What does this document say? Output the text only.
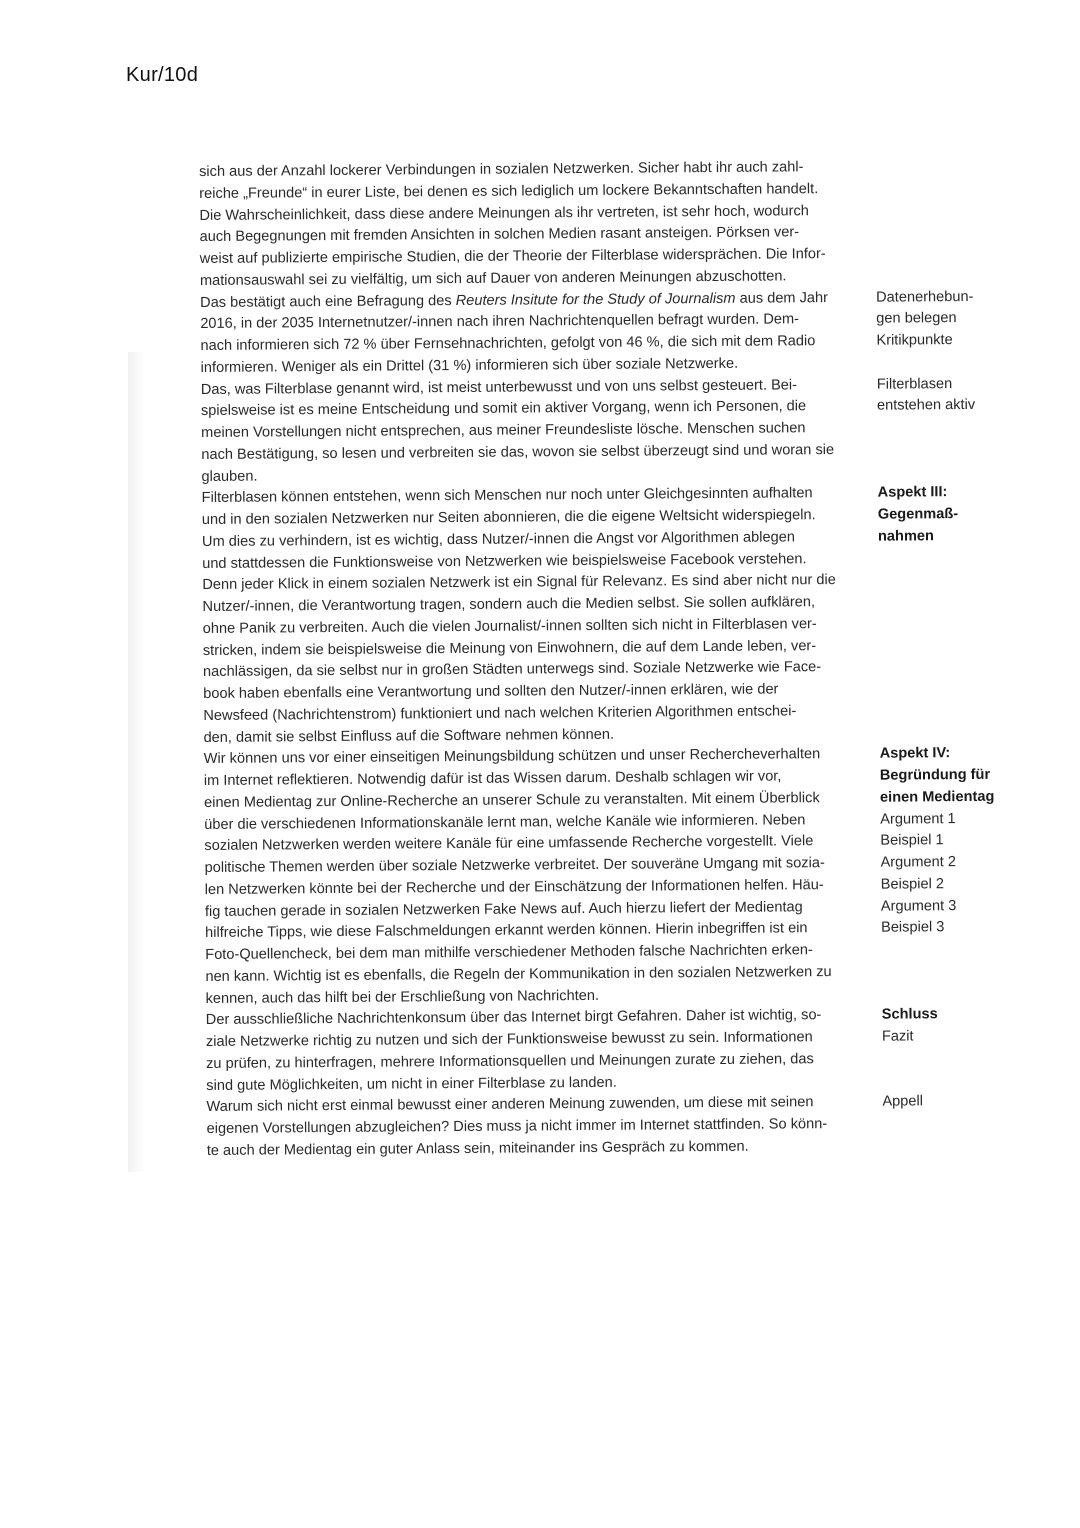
Kur/10d
sich aus der Anzahl lockerer Verbindungen in sozialen Netzwerken. Sicher habt ihr auch zahl-
reiche „Freunde“ in eurer Liste, bei denen es sich lediglich um lockere Bekanntschaften handelt.
Die Wahrscheinlichkeit, dass diese andere Meinungen als ihr vertreten, ist sehr hoch, wodurch
auch Begegnungen mit fremden Ansichten in solchen Medien rasant ansteigen. Pörksen ver-
weist auf publizierte empirische Studien, die der Theorie der Filterblase widersprächen. Die Infor-
mationsauswahl sei zu vielfältig, um sich auf Dauer von anderen Meinungen abzuschotten.
Das bestätigt auch eine Befragung des Reuters Insitute for the Study of Journalism aus dem Jahr	Datenerhebun-
2016, in der 2035 Internetnutzer/-innen nach ihren Nachrichtenquellen befragt wurden. Dem-	gen belegen
nach informieren sich 72 % über Fernsehnachrichten, gefolgt von 46 %, die sich mit dem Radio	Kritikpunkte
informieren. Weniger als ein Drittel (31 %) informieren sich über soziale Netzwerke.
Das, was Filterblase genannt wird, ist meist unterbewusst und von uns selbst gesteuert. Bei-	Filterblasen
spielsweise ist es meine Entscheidung und somit ein aktiver Vorgang, wenn ich Personen, die	entstehen aktiv
meinen Vorstellungen nicht entsprechen, aus meiner Freundesliste lösche. Menschen suchen
nach Bestätigung, so lesen und verbreiten sie das, wovon sie selbst überzeugt sind und woran sie
glauben.
Filterblasen können entstehen, wenn sich Menschen nur noch unter Gleichgesinnten aufhalten	Aspekt III:
und in den sozialen Netzwerken nur Seiten abonnieren, die die eigene Weltsicht widerspiegeln.	Gegenmaß-
Um dies zu verhindern, ist es wichtig, dass Nutzer/-innen die Angst vor Algorithmen ablegen	nahmen
und stattdessen die Funktionsweise von Netzwerken wie beispielsweise Facebook verstehen.
Denn jeder Klick in einem sozialen Netzwerk ist ein Signal für Relevanz. Es sind aber nicht nur die
Nutzer/-innen, die Verantwortung tragen, sondern auch die Medien selbst. Sie sollen aufklären,
ohne Panik zu verbreiten. Auch die vielen Journalist/-innen sollten sich nicht in Filterblasen ver-
stricken, indem sie beispielsweise die Meinung von Einwohnern, die auf dem Lande leben, ver-
nachlässigen, da sie selbst nur in großen Städten unterwegs sind. Soziale Netzwerke wie Face-
book haben ebenfalls eine Verantwortung und sollten den Nutzer/-innen erklären, wie der
Newsfeed (Nachrichtenstrom) funktioniert und nach welchen Kriterien Algorithmen entschei-
den, damit sie selbst Einfluss auf die Software nehmen können.
Wir können uns vor einer einseitigen Meinungsbildung schützen und unser Rechercheverhalten	Aspekt IV:
im Internet reflektieren. Notwendig dafür ist das Wissen darum. Deshalb schlagen wir vor,	Begründung für
einen Medientag zur Online-Recherche an unserer Schule zu veranstalten. Mit einem Überblick	einen Medientag
über die verschiedenen Informationskanäle lernt man, welche Kanäle wie informieren. Neben	Argument 1
sozialen Netzwerken werden weitere Kanäle für eine umfassende Recherche vorgestellt. Viele	Beispiel 1
politische Themen werden über soziale Netzwerke verbreitet. Der souveräne Umgang mit sozia-	Argument 2
len Netzwerken könnte bei der Recherche und der Einschätzung der Informationen helfen. Häu-	Beispiel 2
fig tauchen gerade in sozialen Netzwerken Fake News auf. Auch hierzu liefert der Medientag	Argument 3
hilfreiche Tipps, wie diese Falschmeldungen erkannt werden können. Hierin inbegriffen ist ein	Beispiel 3
Foto-Quellencheck, bei dem man mithilfe verschiedener Methoden falsche Nachrichten erken-
nen kann. Wichtig ist es ebenfalls, die Regeln der Kommunikation in den sozialen Netzwerken zu
kennen, auch das hilft bei der Erschließung von Nachrichten.
Der ausschließliche Nachrichtenkonsum über das Internet birgt Gefahren. Daher ist wichtig, so-	Schluss
ziale Netzwerke richtig zu nutzen und sich der Funktionsweise bewusst zu sein. Informationen	Fazit
zu prüfen, zu hinterfragen, mehrere Informationsquellen und Meinungen zurate zu ziehen, das
sind gute Möglichkeiten, um nicht in einer Filterblase zu landen.
Warum sich nicht erst einmal bewusst einer anderen Meinung zuwenden, um diese mit seinen	Appell
eigenen Vorstellungen abzugleichen? Dies muss ja nicht immer im Internet stattfinden. So könn-
te auch der Medientag ein guter Anlass sein, miteinander ins Gespräch zu kommen.
